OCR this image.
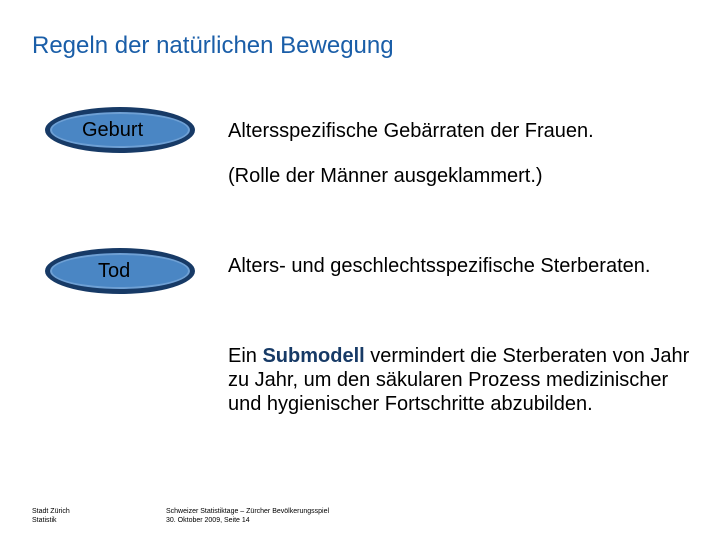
Regeln der natürlichen Bewegung
Geburt	Altersspezifische Gebärraten der Frauen.
(Rolle der Männer ausgeklammert.)
Tod	Alters- und geschlechtsspezifische Sterberaten.
Ein Submodell vermindert die Sterberaten von Jahr zu Jahr, um den säkularen Prozess medizinischer und hygienischer Fortschritte abzubilden.
Stadt Zürich
Statistik
Schweizer Statistiktage – Zürcher Bevölkerungsspiel
30. Oktober 2009, Seite 14
